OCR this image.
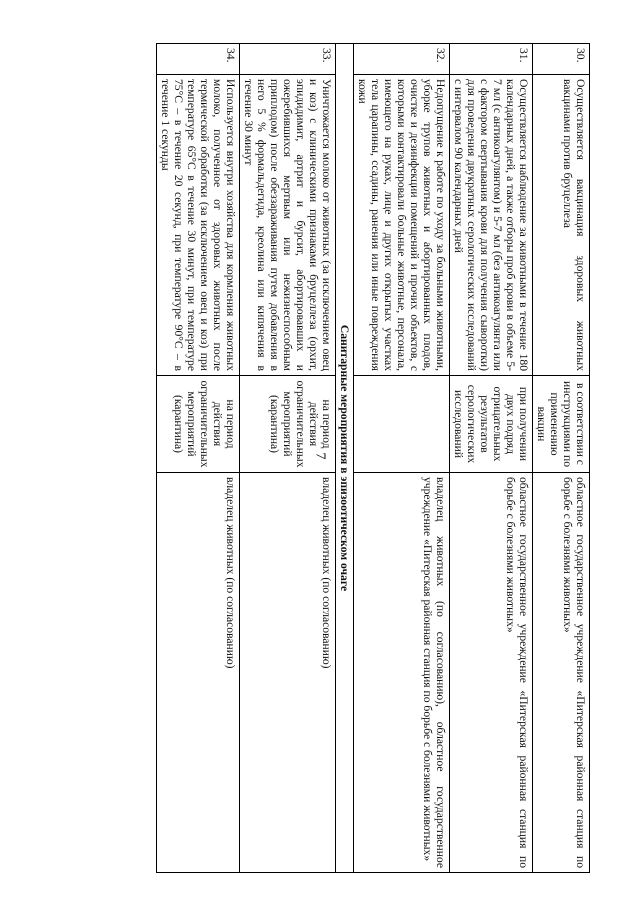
7
30.	Осуществляется вакцинация здоровых животных вакцинами против бруцеллеза	в соответствии с инструкциями по применению вакцин	областное государственное учреждение «Питерская районная станция по борьбе с болезнями животных»
31.	Осуществляется наблюдение за животными в течение 180 календарных дней, а также отборы проб крови в объеме 5-7 мл (с антикоагулянтом) и 5-7 мл (без антикоагулянта или с фактором свертывания крови для получения сыворотки) для проведения двукратных серологических исследований с интервалом 90 календарных дней	при получении двух подряд отрицательных результатов серологических исследований	областное государственное учреждение «Питерская районная станция по борьбе с болезнями животных»
32.	Недопущение к работе по уходу за больными животными, уборке трупов животных и абортированных плодов, очистке и дезинфекции помещений и прочих объектов, с которыми контактировали больные животные, персонала, имеющего на руках, лице и других открытых участках тела царапины, ссадины, ранения или иные повреждения кожи		владелец животных (по согласованию), областное государственное учреждение «Питерская районная станция по борьбе с болезнями животных»
Санитарные мероприятия в эпизоотическом очаге			
33.	Уничтожается молоко от животных (за исключением овец и коз) с клиническими признаками бруцеллеза (орхит, эпидидимит, артрит и бурсит, абортировавших и ожеребившихся мертвым или нежизнеспособным приплодом) после обеззараживания путем добавления в него 5 % формальдегида, креолина или кипячения в течение 30 минут	на период действия ограничительных мероприятий (карантина)	владелец животных (по согласованию)
34.	Используется внутри хозяйства для кормления животных молоко, полученное от здоровых животных после термической обработки (за исключением овец и коз) при температуре 65°С в течение 30 минут, при температуре 75°С – в течение 20 секунд, при температуре 90°С – в течение 1 секунды	на период действия ограничительных мероприятий (карантина)	владелец животных (по согласованию)
